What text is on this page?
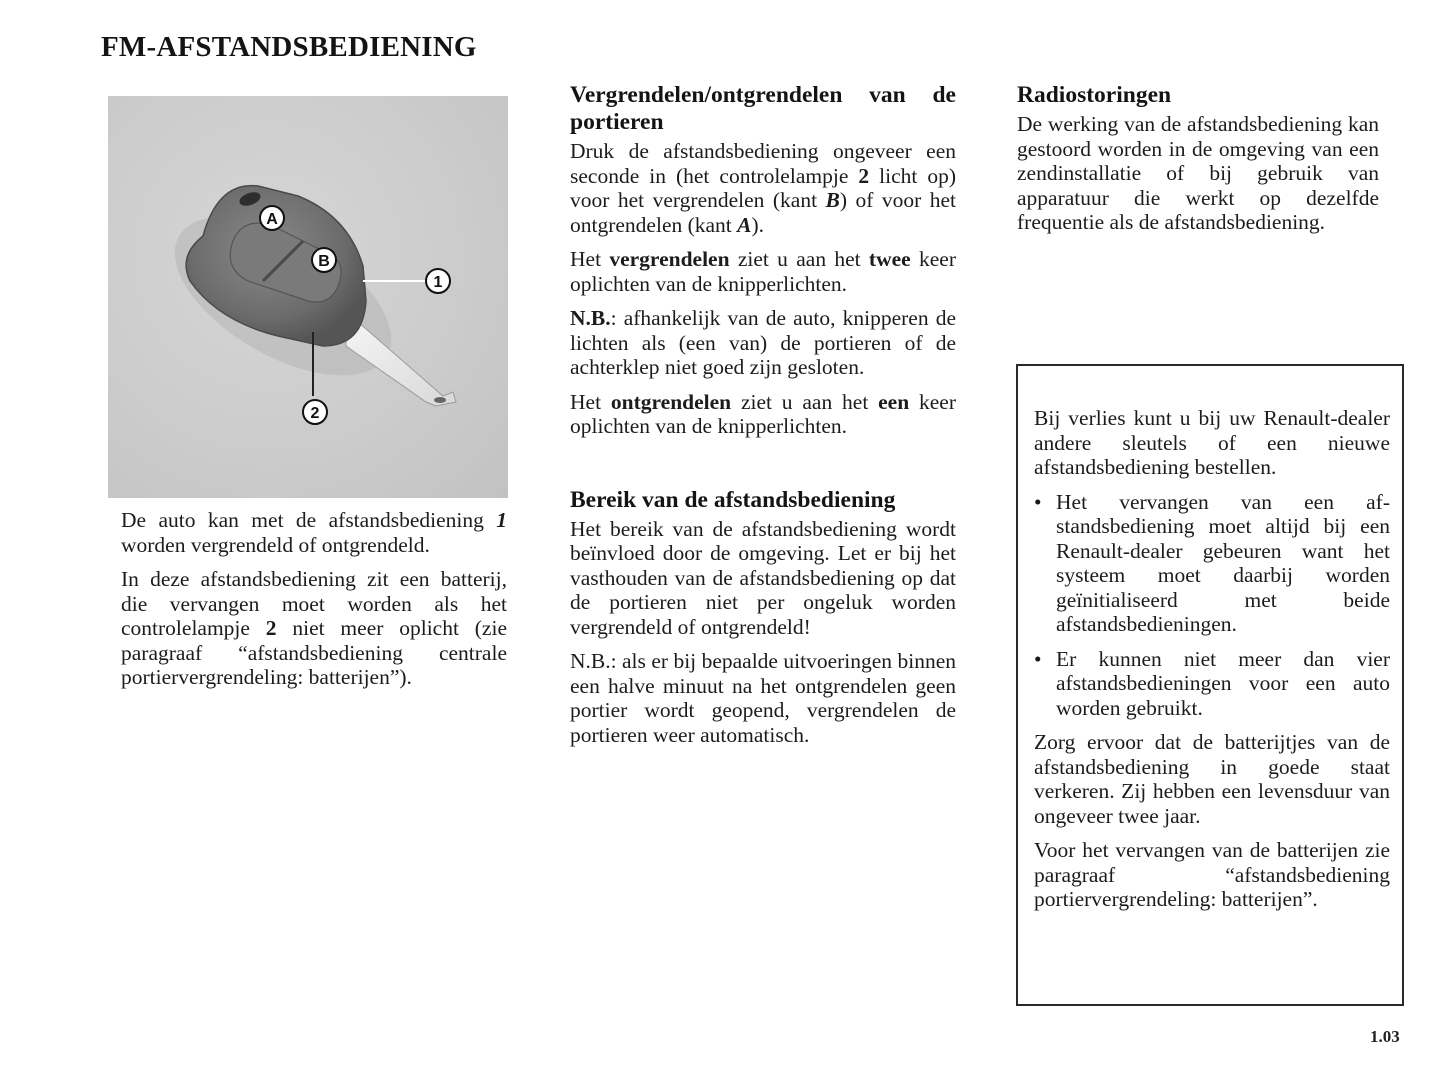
FM-AFSTANDSBEDIENING
A
B
1
2

De auto kan met de afstandsbediening 1 worden vergrendeld of ontgrendeld.

In deze afstandsbediening zit een batterij, die vervangen moet worden als het controlelampje 2 niet meer oplicht (zie paragraaf “afstandsbediening centrale portiervergrendeling: batterijen”).

Vergrendelen/ontgrendelen van de portieren

Druk de afstandsbediening ongeveer een seconde in (het controlelampje 2 licht op) voor het vergrendelen (kant B) of voor het ontgrendelen (kant A).

Het vergrendelen ziet u aan het twee keer oplichten van de knipperlichten.

N.B.: afhankelijk van de auto, knipperen de lichten als (een van) de portieren of de achterklep niet goed zijn gesloten.

Het ontgrendelen ziet u aan het een keer oplichten van de knipperlichten.

Bereik van de afstandsbediening

Het bereik van de afstandsbediening wordt beïnvloed door de omgeving. Let er bij het vasthouden van de afstandsbediening op dat de portieren niet per ongeluk worden vergrendeld of ontgrendeld!

N.B.: als er bij bepaalde uitvoeringen binnen een halve minuut na het ontgrendelen geen portier wordt geopend, vergrendelen de portieren weer automatisch.

Radiostoringen

De werking van de afstandsbediening kan gestoord worden in de omgeving van een zendinstallatie of bij gebruik van apparatuur die werkt op dezelfde frequentie als de afstandsbediening.

Bij verlies kunt u bij uw Renault-dealer andere sleutels of een nieuwe afstandsbediening bestellen.

• Het vervangen van een afstandsbediening moet altijd bij een Renault-dealer gebeuren want het systeem moet daarbij worden geïnitialiseerd met beide afstandsbedieningen.

• Er kunnen niet meer dan vier afstandsbedieningen voor een auto worden gebruikt.

Zorg ervoor dat de batterijtjes van de afstandsbediening in goede staat verkeren. Zij hebben een levensduur van ongeveer twee jaar.

Voor het vervangen van de batterijen zie paragraaf “afstandsbediening portiervergrendeling: batterijen”.

1.03
